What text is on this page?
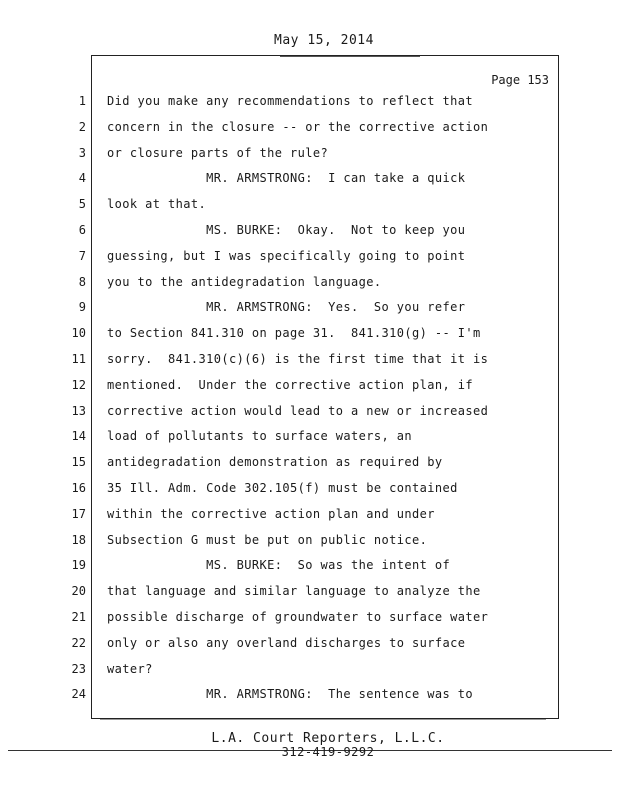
May 15, 2014
Page 153
1 Did you make any recommendations to reflect that
2 concern in the closure -- or the corrective action
3 or closure parts of the rule?
4 MR. ARMSTRONG:  I can take a quick
5 look at that.
6 MS. BURKE:  Okay.  Not to keep you
7 guessing, but I was specifically going to point
8 you to the antidegradation language.
9 MR. ARMSTRONG:  Yes.  So you refer
10 to Section 841.310 on page 31.  841.310(g) -- I'm
11 sorry.  841.310(c)(6) is the first time that it is
12 mentioned.  Under the corrective action plan, if
13 corrective action would lead to a new or increased
14 load of pollutants to surface waters, an
15 antidegradation demonstration as required by
16 35 Ill. Adm. Code 302.105(f) must be contained
17 within the corrective action plan and under
18 Subsection G must be put on public notice.
19 MS. BURKE:  So was the intent of
20 that language and similar language to analyze the
21 possible discharge of groundwater to surface water
22 only or also any overland discharges to surface
23 water?
24 MR. ARMSTRONG:  The sentence was to
L.A. Court Reporters, L.L.C.
312-419-9292
